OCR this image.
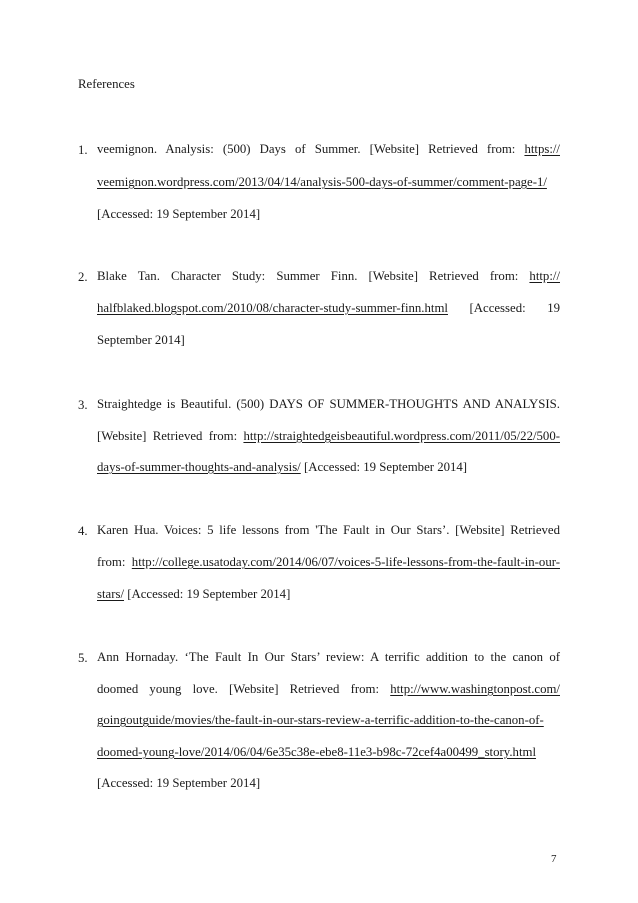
References
1. veemignon. Analysis: (500) Days of Summer. [Website] Retrieved from: https://
veemignon.wordpress.com/2013/04/14/analysis-500-days-of-summer/comment-page-1/
[Accessed: 19 September 2014]
2. Blake Tan. Character Study: Summer Finn. [Website] Retrieved from: http://
halfblaked.blogspot.com/2010/08/character-study-summer-finn.html [Accessed: 19
September 2014]
3. Straightedge is Beautiful. (500) DAYS OF SUMMER-THOUGHTS AND ANALYSIS.
[Website] Retrieved from: http://straightedgeisbeautiful.wordpress.com/2011/05/22/500-
days-of-summer-thoughts-and-analysis/ [Accessed: 19 September 2014]
4. Karen Hua. Voices: 5 life lessons from 'The Fault in Our Stars’. [Website] Retrieved
from: http://college.usatoday.com/2014/06/07/voices-5-life-lessons-from-the-fault-in-our-
stars/ [Accessed: 19 September 2014]
5. Ann Hornaday. ‘The Fault In Our Stars’ review: A terrific addition to the canon of
doomed young love. [Website] Retrieved from: http://www.washingtonpost.com/
goingoutguide/movies/the-fault-in-our-stars-review-a-terrific-addition-to-the-canon-of-
doomed-young-love/2014/06/04/6e35c38e-ebe8-11e3-b98c-72cef4a00499_story.html
[Accessed: 19 September 2014]
7
